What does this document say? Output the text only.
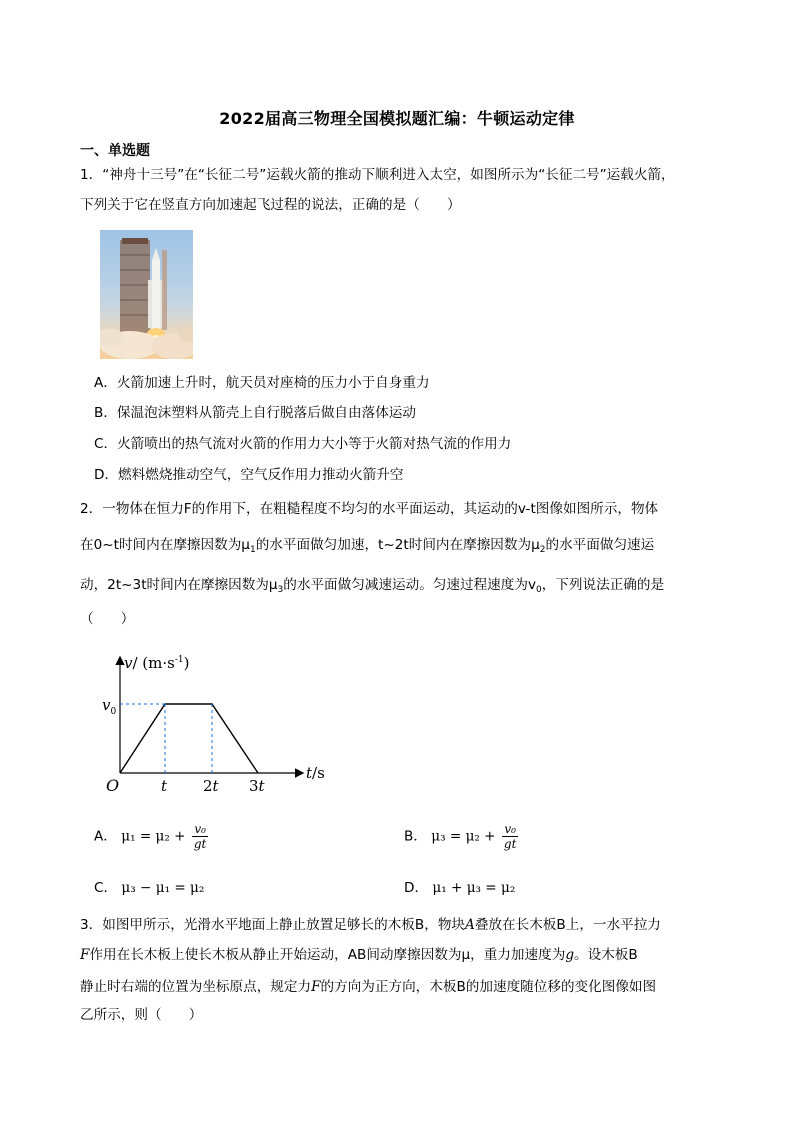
2022届高三物理全国模拟题汇编：牛顿运动定律
一、单选题
1．“神舟十三号”在“长征二号”运载火箭的推动下顺利进入太空，如图所示为“长征二号”运载火箭，
下列关于它在竖直方向加速起飞过程的说法，正确的是（　　）
A．火箭加速上升时，航天员对座椅的压力小于自身重力
B．保温泡沫塑料从箭壳上自行脱落后做自由落体运动
C．火箭喷出的热气流对火箭的作用力大小等于火箭对热气流的作用力
D．燃料燃烧推动空气，空气反作用力推动火箭升空
2．一物体在恒力F的作用下，在粗糙程度不均匀的水平面运动，其运动的v-t图像如图所示，物体
在0~t时间内在摩擦因数为$\mu_1$的水平面做匀加速，t~2t时间内在摩擦因数为$\mu_2$的水平面做匀速运
动，2t~3t时间内在摩擦因数为$\mu_3$的水平面做匀减速运动。匀速过程速度为$v_0$，下列说法正确的是
（　　）
v/ $(m\cdot s^{-1})$
$v_0$
O	t 2t 3t
t/s
A． $\mu_1 = \mu_2 + \frac{\text{v₀}}{gt}$	B． $\mu_3 = \mu_2 + \frac{\text{v₀}}{gt}$
C． μ₃ − μ₁ = μ₂	D． μ₁ + μ₃ = μ₂
3．如图甲所示，光滑水平地面上静止放置足够长的木板B，物块A叠放在长木板B上，一水平拉力
F作用在长木板上使长木板从静止开始运动，AB间动摩擦因数为μ，重力加速度为g。设木板B
静止时右端的位置为坐标原点，规定力F的方向为正方向，木板B的加速度随位移的变化图像如图
乙所示，则（　　）
